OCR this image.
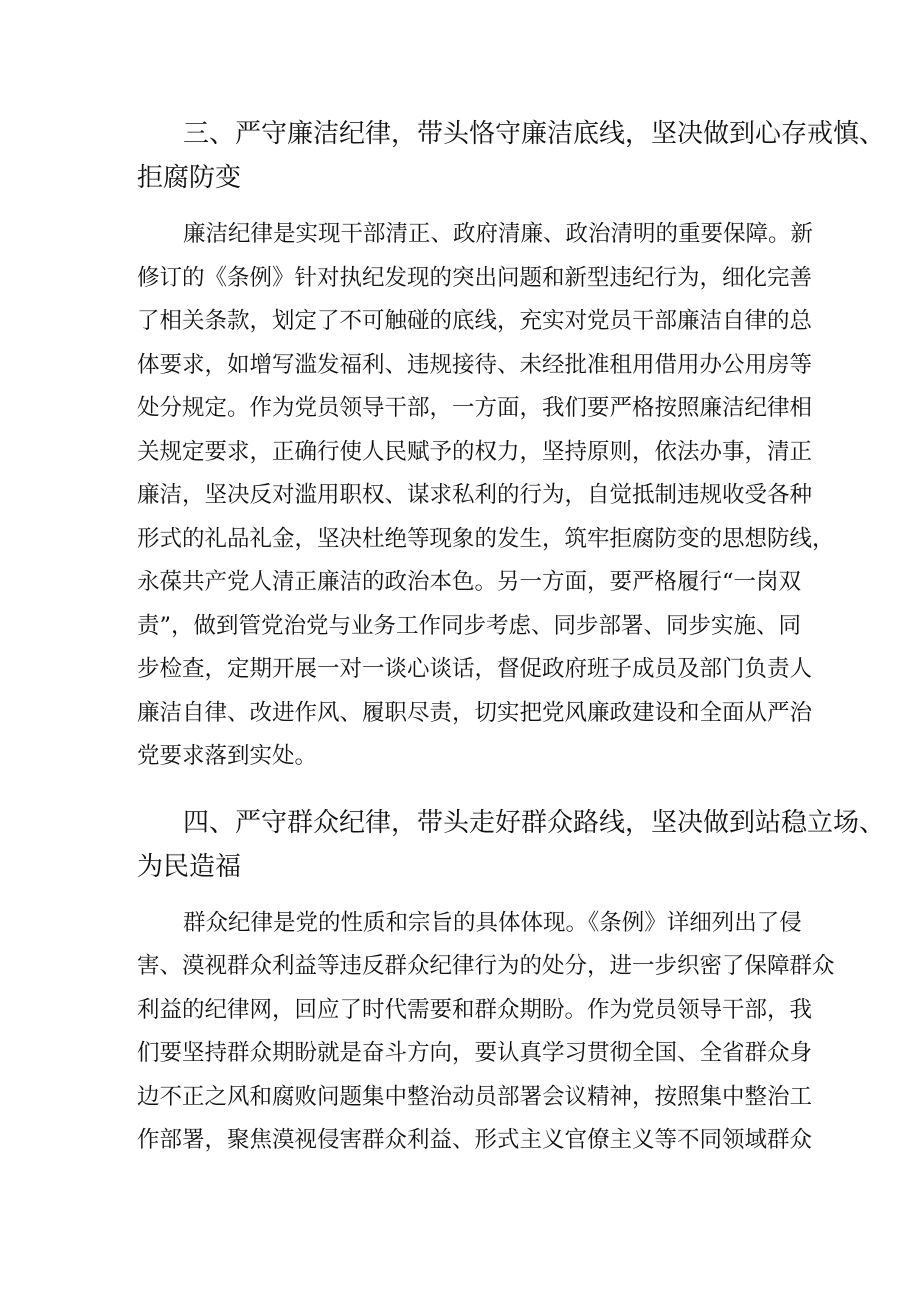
三、严守廉洁纪律，带头恪守廉洁底线，坚决做到心存戒慎、
拒腐防变
廉洁纪律是实现干部清正、政府清廉、政治清明的重要保障。新
修订的《条例》针对执纪发现的突出问题和新型违纪行为，细化完善
了相关条款，划定了不可触碰的底线，充实对党员干部廉洁自律的总
体要求，如增写滥发福利、违规接待、未经批准租用借用办公用房等
处分规定。作为党员领导干部，一方面，我们要严格按照廉洁纪律相
关规定要求，正确行使人民赋予的权力，坚持原则，依法办事，清正
廉洁，坚决反对滥用职权、谋求私利的行为，自觉抵制违规收受各种
形式的礼品礼金，坚决杜绝等现象的发生，筑牢拒腐防变的思想防线，
永葆共产党人清正廉洁的政治本色。另一方面，要严格履行“一岗双
责”，做到管党治党与业务工作同步考虑、同步部署、同步实施、同
步检查，定期开展一对一谈心谈话，督促政府班子成员及部门负责人
廉洁自律、改进作风、履职尽责，切实把党风廉政建设和全面从严治
党要求落到实处。
四、严守群众纪律，带头走好群众路线，坚决做到站稳立场、
为民造福
群众纪律是党的性质和宗旨的具体体现。《条例》详细列出了侵
害、漠视群众利益等违反群众纪律行为的处分，进一步织密了保障群众
利益的纪律网，回应了时代需要和群众期盼。作为党员领导干部，我
们要坚持群众期盼就是奋斗方向，要认真学习贯彻全国、全省群众身
边不正之风和腐败问题集中整治动员部署会议精神，按照集中整治工
作部署，聚焦漠视侵害群众利益、形式主义官僚主义等不同领域群众
